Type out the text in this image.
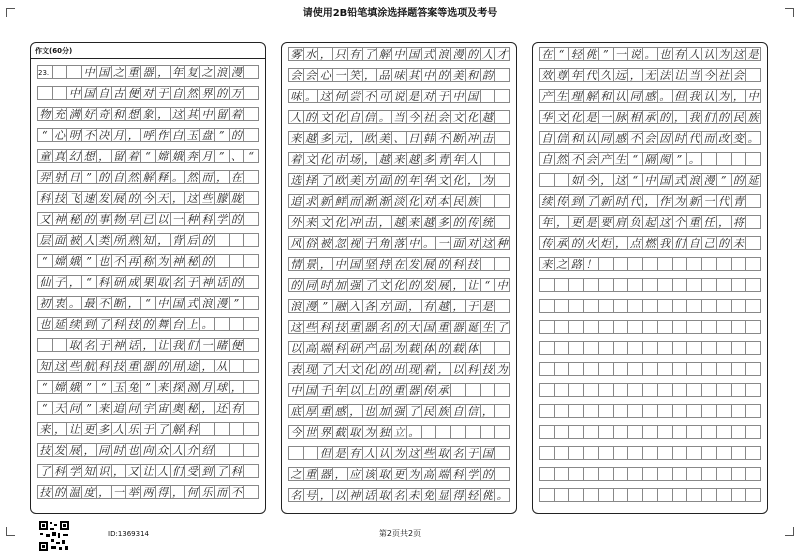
请使用2B铅笔填涂选择题答案等选项及考号
作文(60分)
23.	中 国 之 重 器 ， 年 复 之 浪 漫
中 国 自 古 便 对 于 自 然 界 的 万
物 充 满 好 奇 和 想 象 ， 这 其 中 留 着
“ 心 明 不 决 月 ， 呼 作 白 玉 盘 ” 的
童 真 幻 想 ， 留 着 “ 嫦 娥 奔 月 ” 、 “
羿 射 日 ” 的 自 然 解 释 。 然 而 ， 在
科 技 飞 速 发 展 的 今 天 ， 这 些 朦 胧
又 神 秘 的 事 物 早 已 以 一 种 科 学 的
层 面 被 人 类 所 熟 知 ， 背 后 的
“ 嫦 娥 ” 也 不 再 称 为 神 秘 的
仙 子 ， “ 科 研 成 果 取 名 于 神 话 的
初 衷 。 最 不 断 ， “ 中 国 式 浪 漫 ”
也 延 续 到 了 科 技 的 舞 台 上 。
取 名 于 神 话 ， 让 我 们 一 睹 便
知 这 些 航 科 技 重 器 的 用 途 ， 从
“ 嫦 娥 ” “ 玉 兔 ” 来 探 测 月 球 ，
“ 天 问 ” 来 追 问 宇 宙 奥 秘 ， 还 有
来 ， 让 更 多 人 乐 于 了 解 科
技 发 展 ， 同 时 也 向 众 人 介 绍
了 科 学 知 识 ， 又 让 人 们 受 到 了 科
技 的 温 度 ， 一 举 两 得 ， 何 乐 而 不
雾 水 ， 只 有 了 解 中 国 式 浪 漫 的 人 才
会 会 心 一 笑 ， 品 味 其 中 的 美 和 韵
味 。 这 何 尝 不 可 说 是 对 于 中 国
人 的 文 化 自 信 。 当 今 社 会 文 化 越
来 越 多 元 ， 欧 美 、 日 韩 不 断 冲 击
着 文 化 市 场 ， 越 来 越 多 青 年 人
选 择 了 欧 美 方 面 的 年 华 文 化 ， 为
追 求 新 鲜 而 渐 渐 淡 化 对 本 民 族
外 来 文 化 冲 击 ， 越 来 越 多 的 传 统
风 俗 被 忽 视 于 角 落 中 。 一 面 对 这 种
情 景 ， 中 国 坚 持 在 发 展 的 科 技
的 同 时 加 强 了 文 化 的 发 展 ， 让 “ 中
浪 漫 ” 融 入 各 方 面 ， 有 越 ， 于 是
这 些 科 技 重 器 名 的 大 国 重 器 诞 生 了
以 高 端 科 研 产 品 为 载 体 的 载 体
表 现 了 大 文 化 的 出 现 着 ， 以 科 技 为
中 国 千 年 以 上 的 重 器 传 承
底 厚 重 感 ， 也 加 强 了 民 族 自 信 ，
今 世 界 截 取 为 独 立 。
但 是 有 人 认 为 这 些 取 名 于 国
之 重 器 ， 应 该 取 更 为 高 端 科 学 的
名 号 ， 以 神 话 取 名 未 免 显 得 轻 佻 。
在 “ 轻 佻 ” 一 说 。 也 有 人 认 为 这 是
效 尊 年 代 久 远 ， 无 法 让 当 今 社 会
产 生 理 解 和 认 同 感 。 但 我 认 为 ， 中
华 文 化 是 一 脉 相 承 的 ， 我 们 的 民 族
自 信 和 认 同 感 不 会 因 时 代 而 改 变 。
自 然 不 会 产 生 “ 隔 阂 ” 。
如 今 ， 这 “ 中 国 式 浪 漫 ” 的 延
续 传 到 了 新 时 代 ， 作 为 新 一 代 青
年 ， 更 是 要 肩 负 起 这 个 重 任 ， 将
传 承 的 火 炬 ， 点 燃 我 们 自 己 的 未
来 之 路 ！
ID:1369314	第2页共2页
